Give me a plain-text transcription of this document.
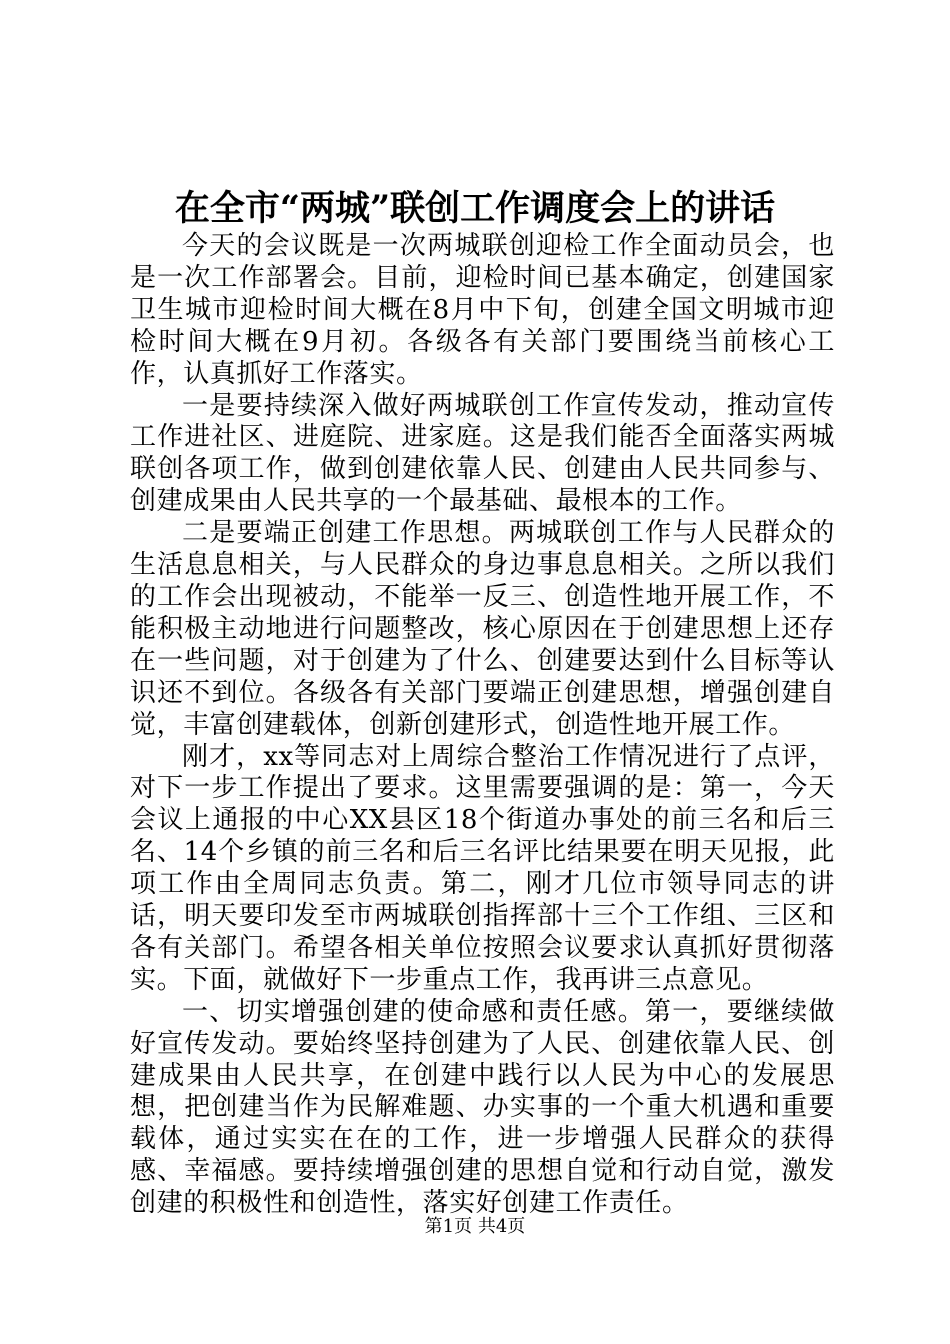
在全市“两城”联创工作调度会上的讲话

今天的会议既是一次两城联创迎检工作全面动员会，也是一次工作部署会。目前，迎检时间已基本确定，创建国家卫生城市迎检时间大概在8月中下旬，创建全国文明城市迎检时间大概在9月初。各级各有关部门要围绕当前核心工作，认真抓好工作落实。

一是要持续深入做好两城联创工作宣传发动，推动宣传工作进社区、进庭院、进家庭。这是我们能否全面落实两城联创各项工作，做到创建依靠人民、创建由人民共同参与、创建成果由人民共享的一个最基础、最根本的工作。

二是要端正创建工作思想。两城联创工作与人民群众的生活息息相关，与人民群众的身边事息息相关。之所以我们的工作会出现被动，不能举一反三、创造性地开展工作，不能积极主动地进行问题整改，核心原因在于创建思想上还存在一些问题，对于创建为了什么、创建要达到什么目标等认识还不到位。各级各有关部门要端正创建思想，增强创建自觉，丰富创建载体，创新创建形式，创造性地开展工作。

刚才，xx等同志对上周综合整治工作情况进行了点评，对下一步工作提出了要求。这里需要强调的是：第一，今天会议上通报的中心XX县区18个街道办事处的前三名和后三名、14个乡镇的前三名和后三名评比结果要在明天见报，此项工作由全周同志负责。第二，刚才几位市领导同志的讲话，明天要印发至市两城联创指挥部十三个工作组、三区和各有关部门。希望各相关单位按照会议要求认真抓好贯彻落实。下面，就做好下一步重点工作，我再讲三点意见。

一、切实增强创建的使命感和责任感。第一，要继续做好宣传发动。要始终坚持创建为了人民、创建依靠人民、创建成果由人民共享，在创建中践行以人民为中心的发展思想，把创建当作为民解难题、办实事的一个重大机遇和重要载体，通过实实在在的工作，进一步增强人民群众的获得感、幸福感。要持续增强创建的思想自觉和行动自觉，激发创建的积极性和创造性，落实好创建工作责任。

第1页 共4页
